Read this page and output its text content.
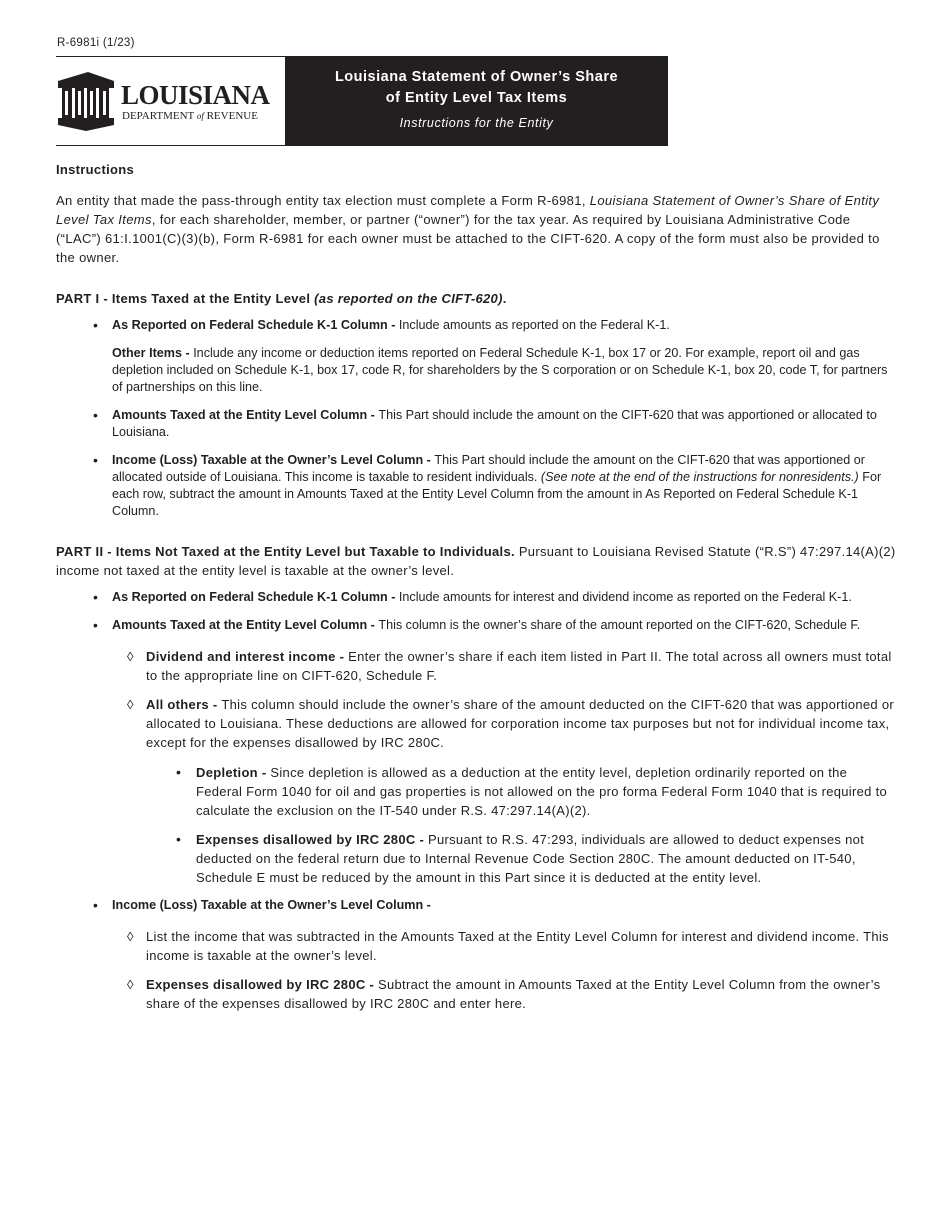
R-6981i (1/23)
LOUISIANA
DEPARTMENT of REVENUE
Louisiana Statement of Owner’s Share
of Entity Level Tax Items
Instructions for the Entity

Instructions

An entity that made the pass-through entity tax election must complete a Form R-6981, Louisiana Statement of Owner’s Share of Entity Level Tax Items, for each shareholder, member, or partner (“owner”) for the tax year. As required by Louisiana Administrative Code (“LAC”) 61:I.1001(C)(3)(b), Form R-6981 for each owner must be attached to the CIFT-620. A copy of the form must also be provided to the owner.

PART I - Items Taxed at the Entity Level (as reported on the CIFT-620).

• As Reported on Federal Schedule K-1 Column - Include amounts as reported on the Federal K-1.
Other Items - Include any income or deduction items reported on Federal Schedule K-1, box 17 or 20. For example, report oil and gas depletion included on Schedule K-1, box 17, code R, for shareholders by the S corporation or on Schedule K-1, box 20, code T, for partners of partnerships on this line.
• Amounts Taxed at the Entity Level Column - This Part should include the amount on the CIFT-620 that was apportioned or allocated to Louisiana.
• Income (Loss) Taxable at the Owner’s Level Column - This Part should include the amount on the CIFT-620 that was apportioned or allocated outside of Louisiana. This income is taxable to resident individuals. (See note at the end of the instructions for nonresidents.) For each row, subtract the amount in Amounts Taxed at the Entity Level Column from the amount in As Reported on Federal Schedule K-1 Column.

PART II - Items Not Taxed at the Entity Level but Taxable to Individuals. Pursuant to Louisiana Revised Statute (“R.S”) 47:297.14(A)(2) income not taxed at the entity level is taxable at the owner’s level.

• As Reported on Federal Schedule K-1 Column - Include amounts for interest and dividend income as reported on the Federal K-1.
• Amounts Taxed at the Entity Level Column - This column is the owner’s share of the amount reported on the CIFT-620, Schedule F.
◊ Dividend and interest income - Enter the owner’s share if each item listed in Part II. The total across all owners must total to the appropriate line on CIFT-620, Schedule F.
◊ All others - This column should include the owner’s share of the amount deducted on the CIFT-620 that was apportioned or allocated to Louisiana. These deductions are allowed for corporation income tax purposes but not for individual income tax, except for the expenses disallowed by IRC 280C.
• Depletion - Since depletion is allowed as a deduction at the entity level, depletion ordinarily reported on the Federal Form 1040 for oil and gas properties is not allowed on the pro forma Federal Form 1040 that is required to calculate the exclusion on the IT-540 under R.S. 47:297.14(A)(2).
• Expenses disallowed by IRC 280C - Pursuant to R.S. 47:293, individuals are allowed to deduct expenses not deducted on the federal return due to Internal Revenue Code Section 280C. The amount deducted on IT-540, Schedule E must be reduced by the amount in this Part since it is deducted at the entity level.
• Income (Loss) Taxable at the Owner’s Level Column -
◊ List the income that was subtracted in the Amounts Taxed at the Entity Level Column for interest and dividend income. This income is taxable at the owner’s level.
◊ Expenses disallowed by IRC 280C - Subtract the amount in Amounts Taxed at the Entity Level Column from the owner’s share of the expenses disallowed by IRC 280C and enter here.
